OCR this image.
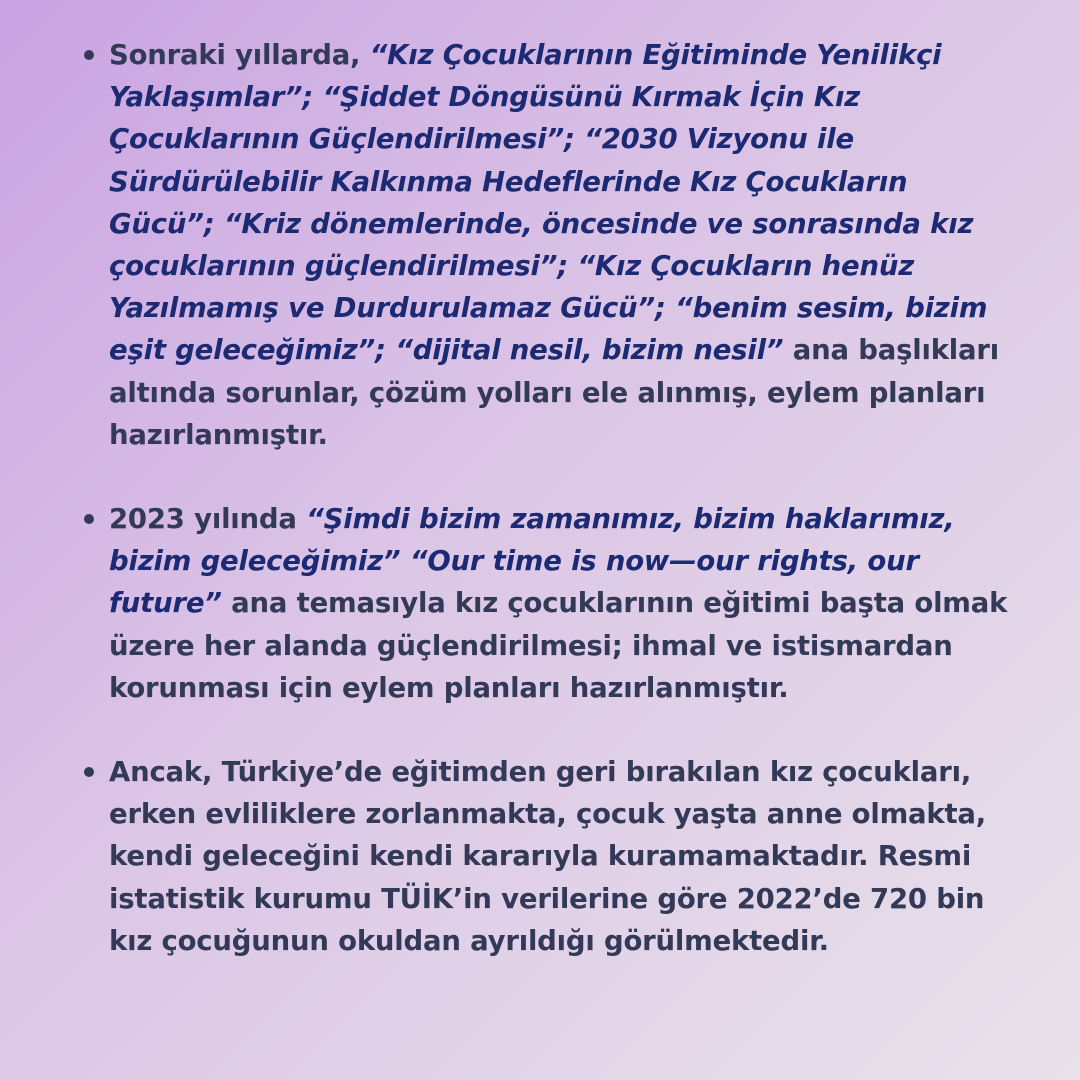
Sonraki yıllarda, “Kız Çocuklarının Eğitiminde Yenilikçi Yaklaşımlar”; “Şiddet Döngüsünü Kırmak İçin Kız Çocuklarının Güçlendirilmesi”; “2030 Vizyonu ile Sürdürülebilir Kalkınma Hedeflerinde Kız Çocukların Gücü”; “Kriz dönemlerinde, öncesinde ve sonrasında kız çocuklarının güçlendirilmesi”; “Kız Çocukların henüz Yazılmamış ve Durdurulamaz Gücü”; “benim sesim, bizim eşit geleceğimiz”; “dijital nesil, bizim nesil” ana başlıkları altında sorunlar, çözüm yolları ele alınmış, eylem planları hazırlanmıştır.
2023 yılında “Şimdi bizim zamanımız, bizim haklarımız, bizim geleceğimiz” “Our time is now—our rights, our future” ana temasıyla kız çocuklarının eğitimi başta olmak üzere her alanda güçlendirilmesi; ihmal ve istismardan korunması için eylem planları hazırlanmıştır.
Ancak, Türkiye’de eğitimden geri bırakılan kız çocukları, erken evliliklere zorlanmakta, çocuk yaşta anne olmakta, kendi geleceğini kendi kararıyla kuramamaktadır. Resmi istatistik kurumu TÜİK’in verilerine göre 2022’de 720 bin kız çocuğunun okuldan ayrıldığı görülmektedir.
